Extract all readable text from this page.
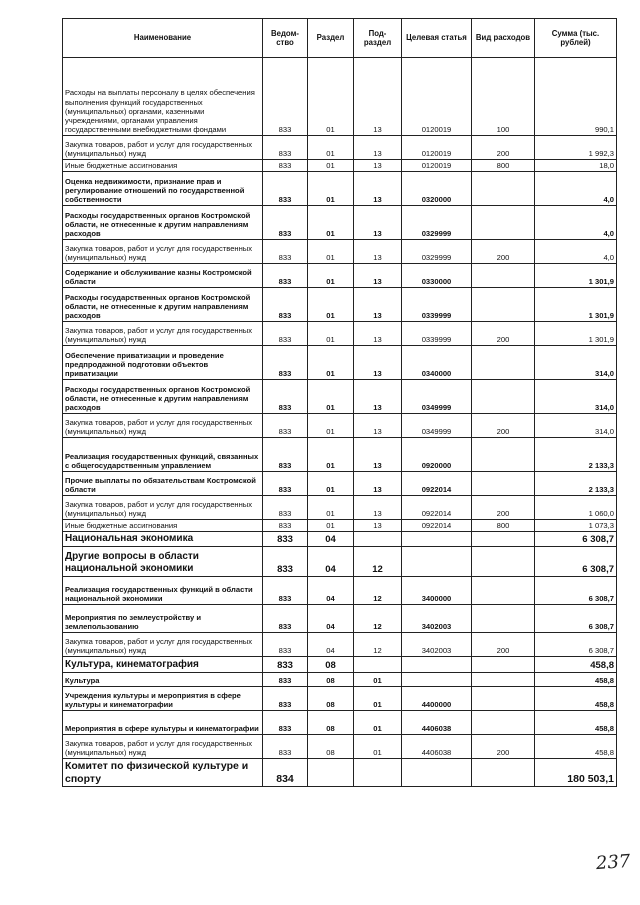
Наименование	Ведом-ство	Раздел	Под-раздел	Целевая статья	Вид расходов	Сумма (тыс. рублей)
Расходы на выплаты персоналу в целях обеспечения выполнения функций государственных (муниципальных) органами, казенными учреждениями, органами управления государственными внебюджетными фондами	833	01	13	0120019	100	990,1
Закупка товаров, работ и услуг для государственных (муниципальных) нужд	833	01	13	0120019	200	1 992,3
Иные бюджетные ассигнования	833	01	13	0120019	800	18,0
Оценка недвижимости, признание прав и регулирование отношений по государственной собственности	833	01	13	0320000		4,0
Расходы государственных органов Костромской области, не отнесенные к другим направлениям расходов	833	01	13	0329999		4,0
Закупка товаров, работ и услуг для государственных (муниципальных) нужд	833	01	13	0329999	200	4,0
Содержание и обслуживание казны Костромской области	833	01	13	0330000		1 301,9
Расходы государственных органов Костромской области, не отнесенные к другим направлениям расходов	833	01	13	0339999		1 301,9
Закупка товаров, работ и услуг для государственных (муниципальных) нужд	833	01	13	0339999	200	1 301,9
Обеспечение приватизации и проведение предпродажной подготовки объектов приватизации	833	01	13	0340000		314,0
Расходы государственных органов Костромской области, не отнесенные к другим направлениям расходов	833	01	13	0349999		314,0
Закупка товаров, работ и услуг для государственных (муниципальных) нужд	833	01	13	0349999	200	314,0
Реализация государственных функций, связанных с общегосударственным управлением	833	01	13	0920000		2 133,3
Прочие выплаты по обязательствам Костромской области	833	01	13	0922014		2 133,3
Закупка товаров, работ и услуг для государственных (муниципальных) нужд	833	01	13	0922014	200	1 060,0
Иные бюджетные ассигнования	833	01	13	0922014	800	1 073,3
Национальная экономика	833	04				6 308,7
Другие вопросы в области национальной экономики	833	04	12			6 308,7
Реализация государственных функций в области национальной экономики	833	04	12	3400000		6 308,7
Мероприятия по землеустройству и землепользованию	833	04	12	3402003		6 308,7
Закупка товаров, работ и услуг для государственных (муниципальных) нужд	833	04	12	3402003	200	6 308,7
Культура, кинематография	833	08				458,8
Культура	833	08	01			458,8
Учреждения культуры и мероприятия в сфере культуры и кинематографии	833	08	01	4400000		458,8
Мероприятия в сфере культуры и кинематографии	833	08	01	4406038		458,8
Закупка товаров, работ и услуг для государственных (муниципальных) нужд	833	08	01	4406038	200	458,8
Комитет по физической культуре и спорту	834					180 503,1
237
